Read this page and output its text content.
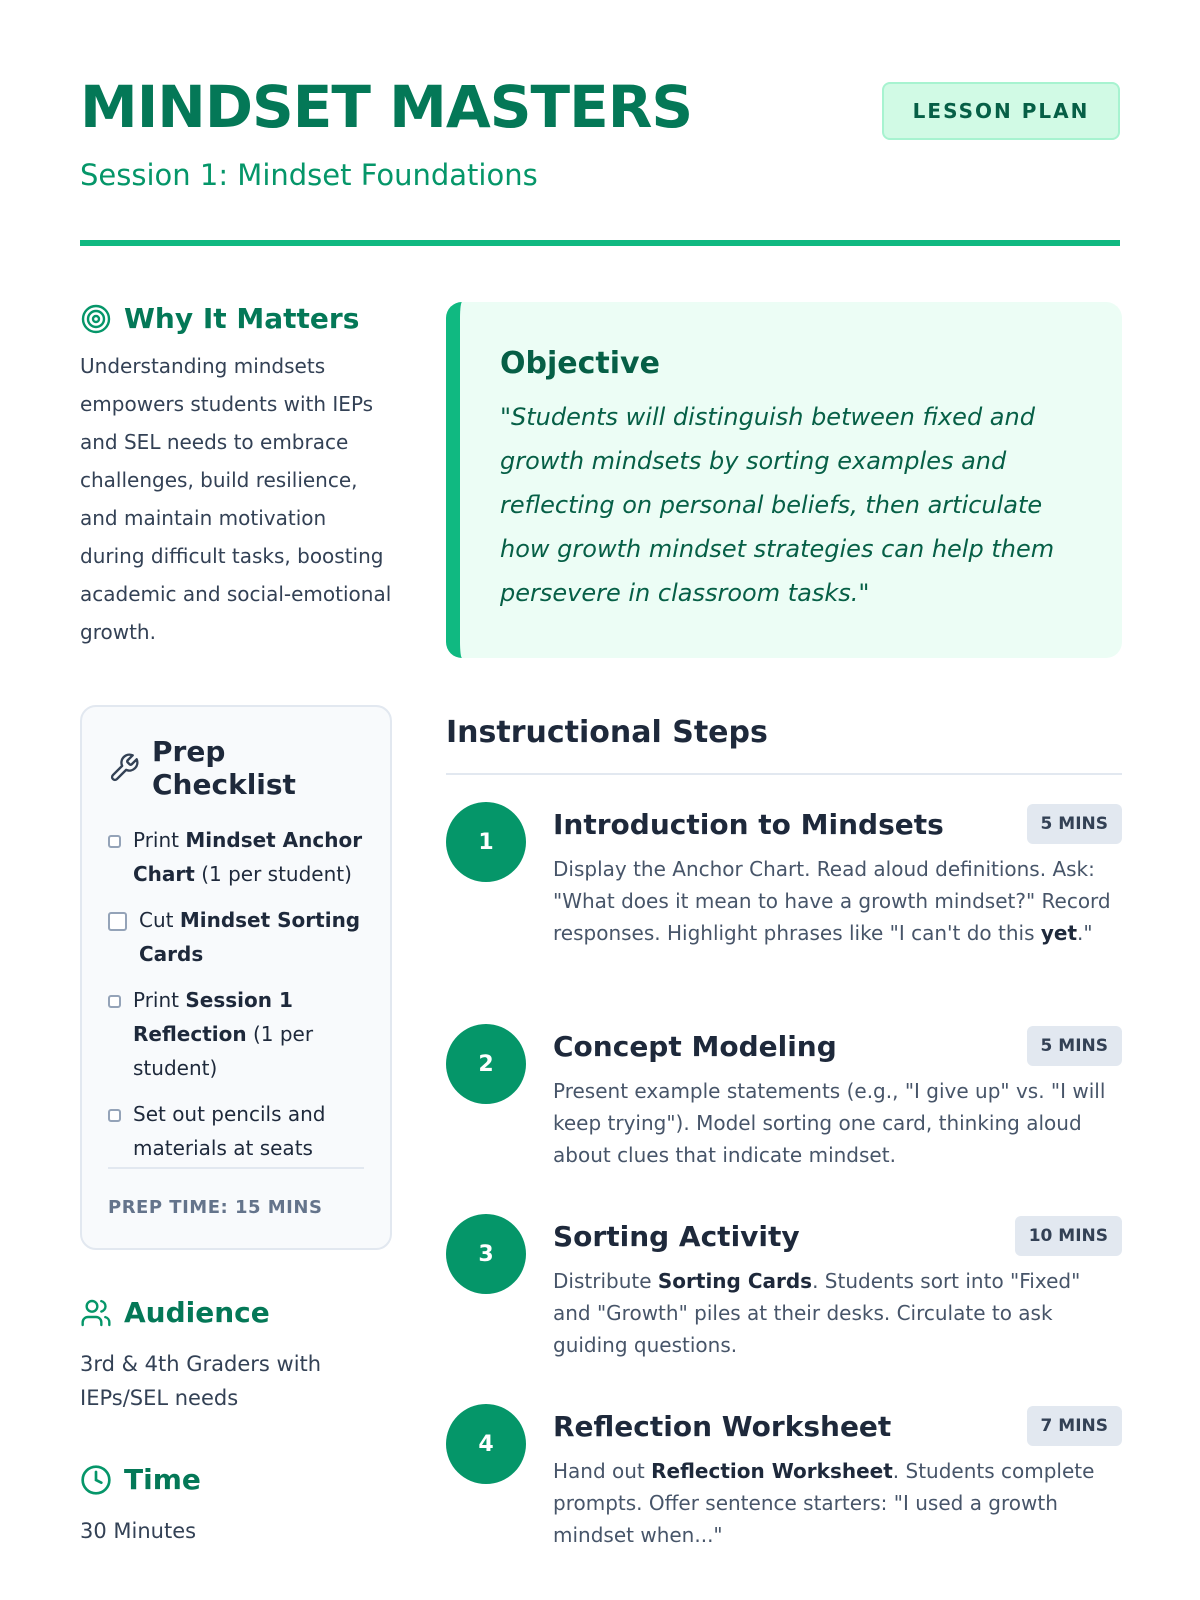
MINDSET MASTERS
Session 1: Mindset Foundations
LESSON PLAN
Why It Matters
Understanding mindsets empowers students with IEPs and SEL needs to embrace challenges, build resilience, and maintain motivation during difficult tasks, boosting academic and social-emotional growth.
Prep Checklist
Print Mindset Anchor Chart (1 per student)
Cut Mindset Sorting Cards
Print Session 1 Reflection (1 per student)
Set out pencils and materials at seats
PREP TIME: 15 MINS
Audience
3rd & 4th Graders with IEPs/SEL needs
Time
30 Minutes
Objective
"Students will distinguish between fixed and growth mindsets by sorting examples and reflecting on personal beliefs, then articulate how growth mindset strategies can help them persevere in classroom tasks."
Instructional Steps
1
Introduction to Mindsets	5 MINS
Display the Anchor Chart. Read aloud definitions. Ask: "What does it mean to have a growth mindset?" Record responses. Highlight phrases like "I can't do this yet."
2
Concept Modeling	5 MINS
Present example statements (e.g., "I give up" vs. "I will keep trying"). Model sorting one card, thinking aloud about clues that indicate mindset.
3
Sorting Activity	10 MINS
Distribute Sorting Cards. Students sort into "Fixed" and "Growth" piles at their desks. Circulate to ask guiding questions.
4
Reflection Worksheet	7 MINS
Hand out Reflection Worksheet. Students complete prompts. Offer sentence starters: "I used a growth mindset when..."
